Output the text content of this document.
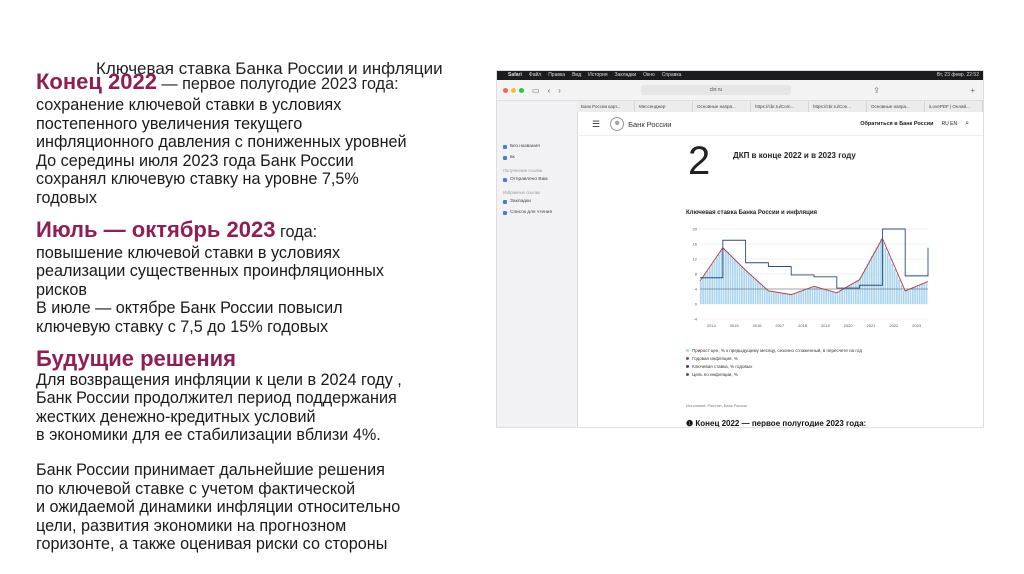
Ключевая ставка Банка России и инфляции

Конец 2022 — первое полугодие 2023 года:

сохранение ключевой ставки в условиях

постепенного увеличения текущего

инфляционного давления с пониженных уровней

До середины июля 2023 года Банк России

сохранял ключевую ставку на уровне 7,5%

годовых

Июль — октябрь 2023 года:

повышение ключевой ставки в условиях

реализации существенных проинфляционных

рисков

В июле — октябре Банк России повысил

ключевую ставку с 7,5 до 15% годовых

Будущие решения

Для возвращения инфляции к цели в 2024 году ,

Банк России продолжител период поддержания

жестких денежно-кредитных условий

в экономики для ее стабилизации вблизи 4%.

Банк России принимает дальнейшие решения

по ключевой ставке с учетом фактической

и ожидаемой динамики инфляции относительно

цели, развития экономики на прогнозном

горизонте, а также оценивая риски со стороны

Safari Файл Правка Вид История Закладки Окно Справка	Вт, 23 февр. 22:52
▭ ‹ ›	cbr.ru	⇪	+
Без названия
вк
Полученные ссылки
Отправлено Вам
Избранные ссылки
Закладки
Список для чтения
Банк России карт...	Мессенджер	Основные напра...	https://cbr.ru/Com...	https://cbr.ru/Con...	Основные напра...	iLovePDF | Онлай...
☰	❁	Банк России	Обратиться в Банк России RU EN ⌕
2	ДКП в конце 2022 и в 2023 году
Ключевая ставка Банка России и инфляция
-4
0
4
8
12
16
20
2014	2015	2016	2017	2018	2019	2020	2021	2022	2023
Прирост цен, % к предыдущему месяцу, сезонно сглаженный, в пересчете на год
Годовая инфляция, %
Ключевая ставка, % годовых
Цель по инфляции, %
Источники: Росстат, Банк России
❶ Конец 2022 — первое полугодие 2023 года:
